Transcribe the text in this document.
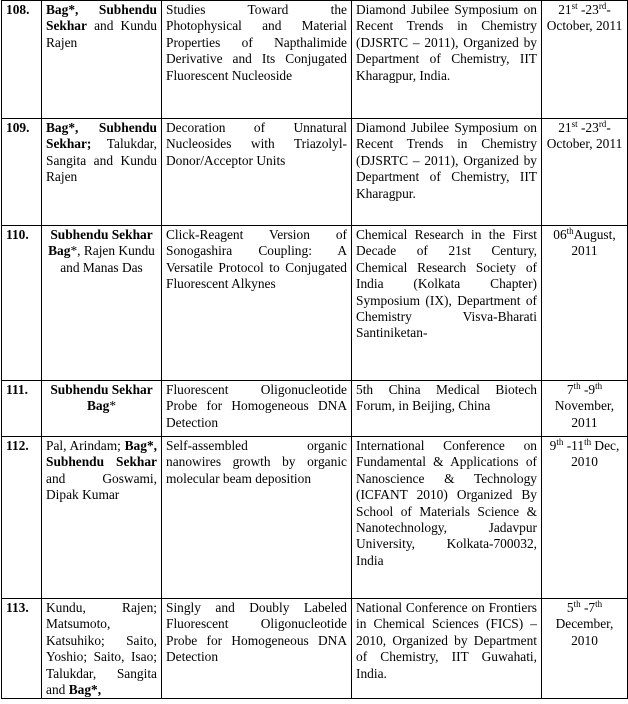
108.	Bag*, Subhendu Sekhar and Kundu Rajen	Studies Toward the Photophysical and Material Properties of Napthalimide Derivative and Its Conjugated Fluorescent Nucleoside	Diamond Jubilee Symposium on Recent Trends in Chemistry (DJSRTC – 2011), Organized by Department of Chemistry, IIT Kharagpur, India.	21st -23rd-October, 2011
109.	Bag*, Subhendu Sekhar; Talukdar, Sangita and Kundu Rajen	Decoration of Unnatural Nucleosides with Triazolyl-Donor/Acceptor Units	Diamond Jubilee Symposium on Recent Trends in Chemistry (DJSRTC – 2011), Organized by Department of Chemistry, IIT Kharagpur.	21st -23rd-October, 2011
110.	Subhendu Sekhar Bag*, Rajen Kundu and Manas Das	Click-Reagent Version of Sonogashira Coupling: A Versatile Protocol to Conjugated Fluorescent Alkynes	Chemical Research in the First Decade of 21st Century, Chemical Research Society of India (Kolkata Chapter) Symposium (IX), Department of Chemistry Visva-Bharati Santiniketan-	06thAugust, 2011
111.	Subhendu Sekhar Bag*	Fluorescent Oligonucleotide Probe for Homogeneous DNA Detection	5th China Medical Biotech Forum, in Beijing, China	7th -9th November, 2011
112.	Pal, Arindam; Bag*, Subhendu Sekhar and Goswami, Dipak Kumar	Self-assembled organic nanowires growth by organic molecular beam deposition	International Conference on Fundamental & Applications of Nanoscience & Technology (ICFANT 2010) Organized By School of Materials Science & Nanotechnology, Jadavpur University, Kolkata-700032, India	9th -11th Dec, 2010
113.	Kundu, Rajen; Matsumoto, Katsuhiko; Saito, Yoshio; Saito, Isao; Talukdar, Sangita and Bag*,	Singly and Doubly Labeled Fluorescent Oligonucleotide Probe for Homogeneous DNA Detection	National Conference on Frontiers in Chemical Sciences (FICS) – 2010, Organized by Department of Chemistry, IIT Guwahati, India.	5th -7th December, 2010
